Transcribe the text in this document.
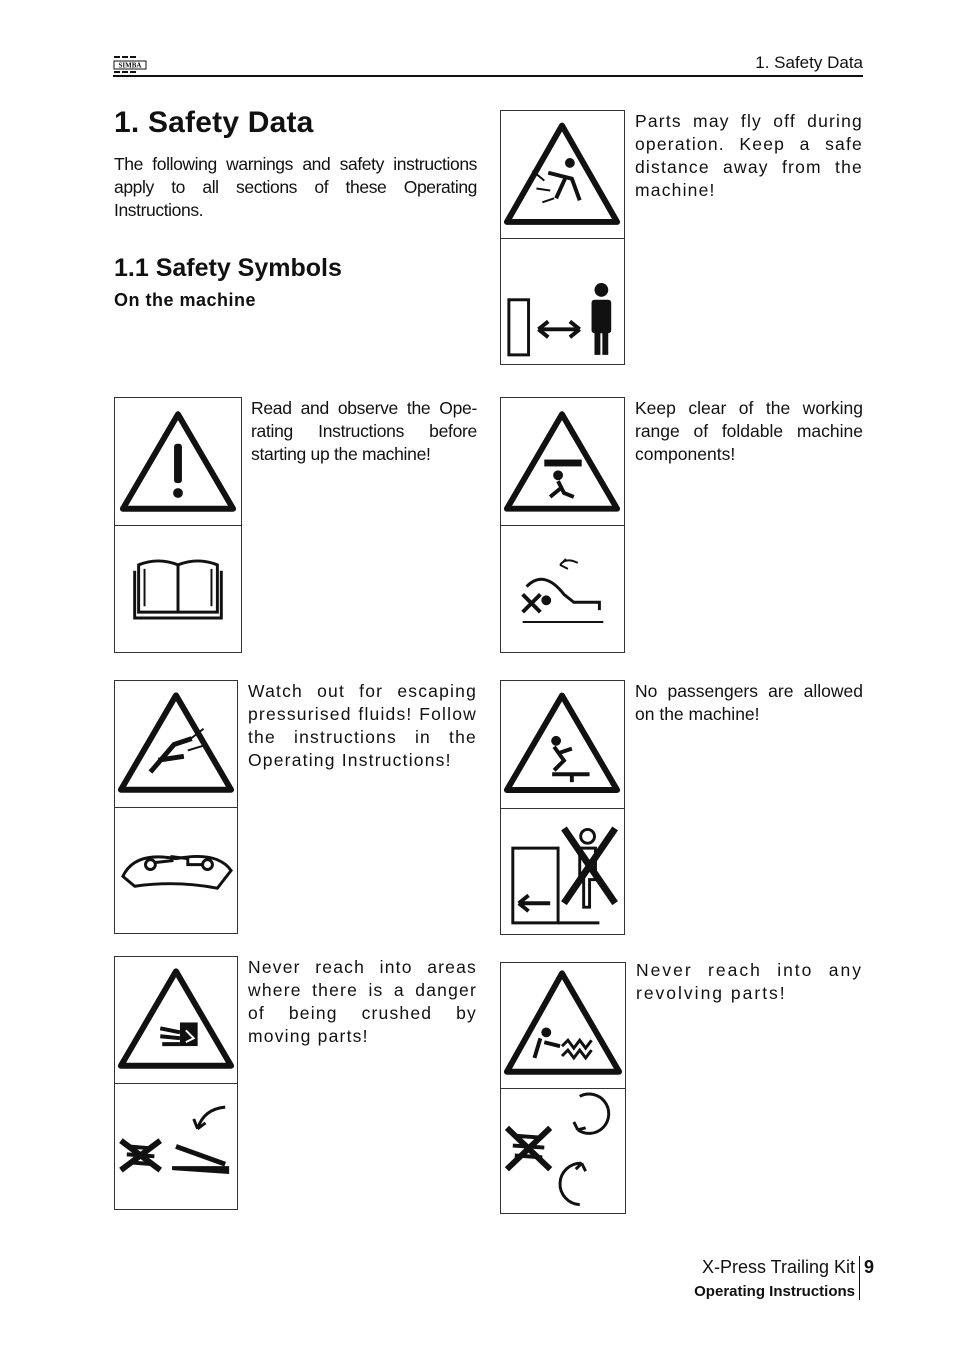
SIMBA	1. Safety Data
1. Safety Data

The following warnings and safety instructions apply to all sections of these Operating Instructions.

1.1 Safety Symbols
On the machine

Parts may fly off during operation. Keep a safe distance away from the machine!

Read and observe the Ope-rating Instructions before starting up the machine!

Keep clear of the working range of foldable machine components!

Watch out for escaping pressurised fluids! Follow the instructions in the Operating Instructions!

No passengers are allowed on the machine!

Never reach into areas where there is a danger of being crushed by moving parts!

Never reach into any revolving parts!

X-Press Trailing Kit 9
Operating Instructions
